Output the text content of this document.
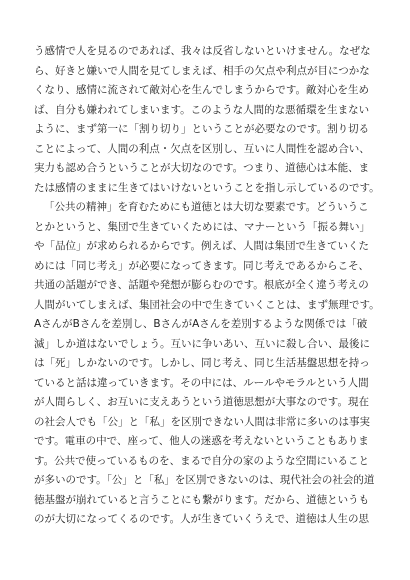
う感情で人を見るのであれば、我々は反省しないといけません。なぜな
ら、好きと嫌いで人間を見てしまえば、相手の欠点や利点が目につかな
くなり、感情に流されて敵対心を生んでしまうからです。敵対心を生め
ば、自分も嫌われてしまいます。このような人間的な悪循環を生まない
ように、まず第一に「割り切り」ということが必要なのです。割り切る
ことによって、人間の利点・欠点を区別し、互いに人間性を認め合い、
実力も認め合うということが大切なのです。つまり、道徳心は本能、ま
たは感情のままに生きてはいけないということを指し示しているのです。
「公共の精神」を育むためにも道徳とは大切な要素です。どういうこ
とかというと、集団で生きていくためには、マナーという「振る舞い」
や「品位」が求められるからです。例えば、人間は集団で生きていくた
めには「同じ考え」が必要になってきます。同じ考えであるからこそ、
共通の話題ができ、話題や発想が膨らむのです。根底が全く違う考えの
人間がいてしまえば、集団社会の中で生きていくことは、まず無理です。
AさんがBさんを差別し、BさんがAさんを差別するような関係では「破
滅」しか道はないでしょう。互いに争いあい、互いに殺し合い、最後に
は「死」しかないのです。しかし、同じ考え、同じ生活基盤思想を持っ
ていると話は違っていきます。その中には、ルールやモラルという人間
が人間らしく、お互いに支えあうという道徳思想が大事なのです。現在
の社会人でも「公」と「私」を区別できない人間は非常に多いのは事実
です。電車の中で、座って、他人の迷惑を考えないということもありま
す。公共で使っているものを、まるで自分の家のような空間にいること
が多いのです。「公」と「私」を区別できないのは、現代社会の社会的道
徳基盤が崩れていると言うことにも繋がります。だから、道徳というも
のが大切になってくるのです。人が生きていくうえで、道徳は人生の思
